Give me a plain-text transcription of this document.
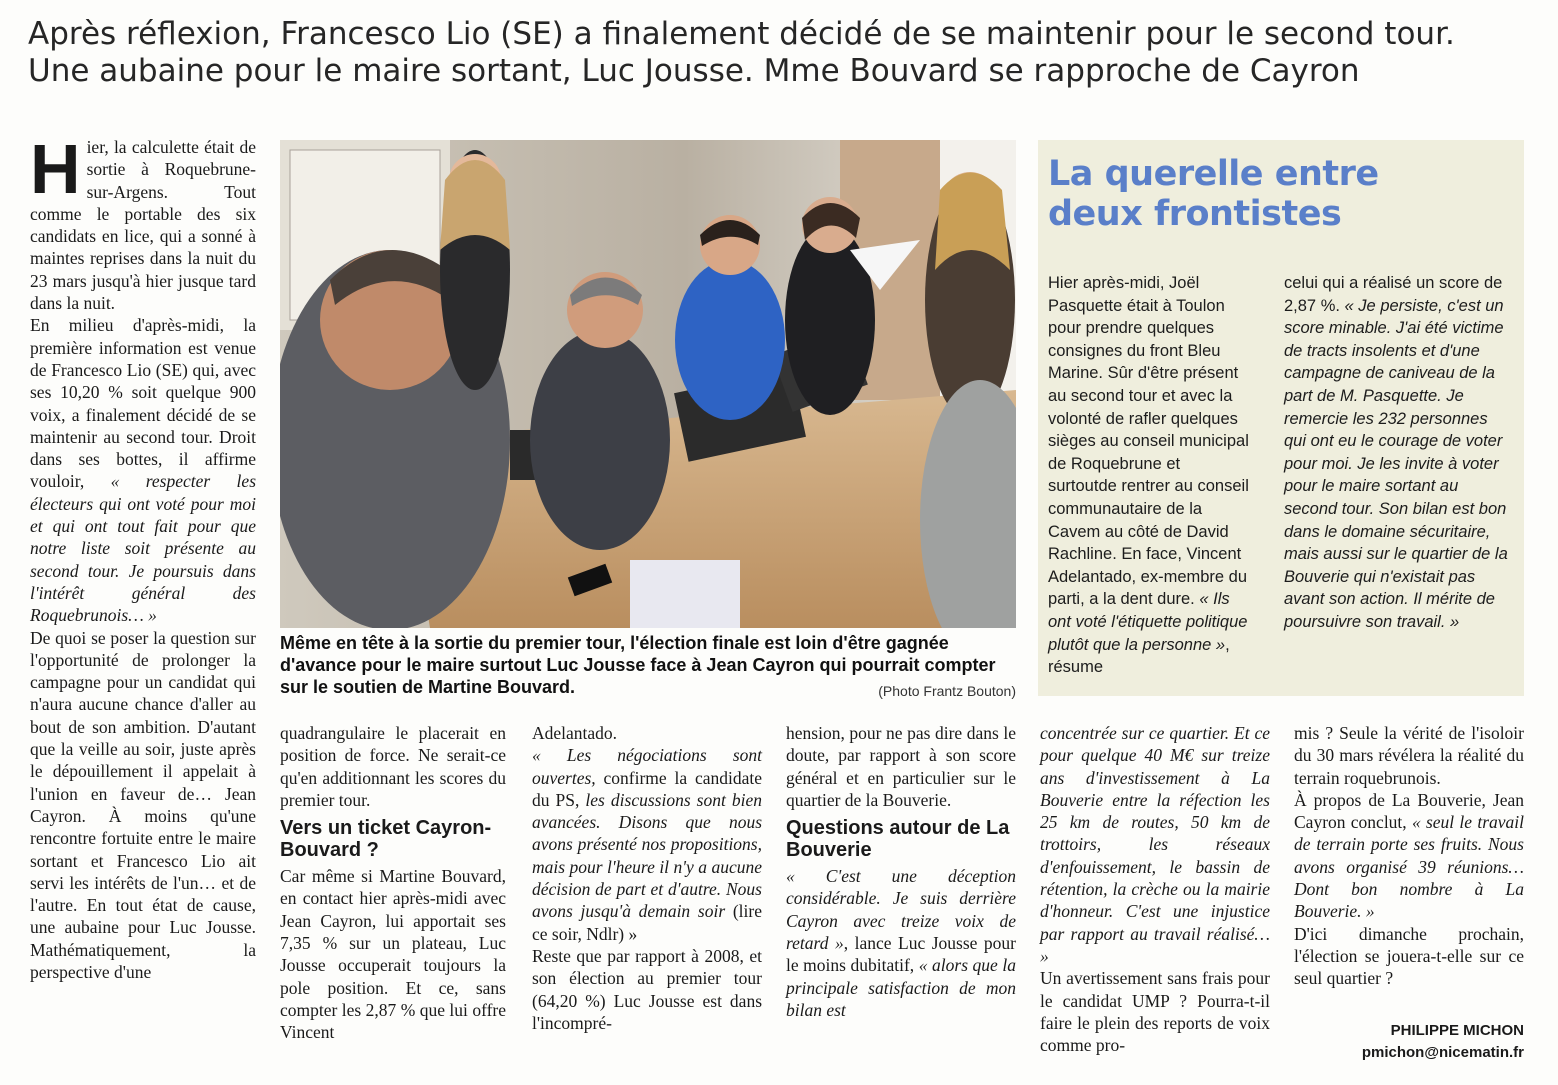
Après réflexion, Francesco Lio (SE) a finalement décidé de se maintenir pour le second tour.
Une aubaine pour le maire sortant, Luc Jousse. Mme Bouvard se rapproche de Cayron

Hier, la calculette était de sortie à Roquebrune-sur-Argens. Tout comme le portable des six candidats en lice, qui a sonné à maintes reprises dans la nuit du 23 mars jusqu'à hier jusque tard dans la nuit.

En milieu d'après-midi, la première information est venue de Francesco Lio (SE) qui, avec ses 10,20 % soit quelque 900 voix, a finalement décidé de se maintenir au second tour. Droit dans ses bottes, il affirme vouloir, « respecter les électeurs qui ont voté pour moi et qui ont tout fait pour que notre liste soit présente au second tour. Je poursuis dans l'intérêt général des Roquebrunois… »

De quoi se poser la question sur l'opportunité de prolonger la campagne pour un candidat qui n'aura aucune chance d'aller au bout de son ambition. D'autant que la veille au soir, juste après le dépouillement il appelait à l'union en faveur de… Jean Cayron. À moins qu'une rencontre fortuite entre le maire sortant et Francesco Lio ait servi les intérêts de l'un… et de l'autre. En tout état de cause, une aubaine pour Luc Jousse. Mathématiquement, la perspective d'une

Même en tête à la sortie du premier tour, l'élection finale est loin d'être gagnée d'avance pour le maire surtout Luc Jousse face à Jean Cayron qui pourrait compter sur le soutien de Martine Bouvard.	(Photo Frantz Bouton)
La querelle entre
deux frontistes

Hier après-midi, Joël Pasquette était à Toulon pour prendre quelques consignes du front Bleu Marine. Sûr d'être présent au second tour et avec la volonté de rafler quelques sièges au conseil municipal de Roquebrune et surtoutde rentrer au conseil communautaire de la Cavem au côté de David Rachline. En face, Vincent Adelantado, ex-membre du parti, a la dent dure. « Ils ont voté l'étiquette politique plutôt que la personne », résume

celui qui a réalisé un score de 2,87 %. « Je persiste, c'est un score minable. J'ai été victime de tracts insolents et d'une campagne de caniveau de la part de M. Pasquette. Je remercie les 232 personnes qui ont eu le courage de voter pour moi. Je les invite à voter pour le maire sortant au second tour. Son bilan est bon dans le domaine sécuritaire, mais aussi sur le quartier de la Bouverie qui n'existait pas avant son action. Il mérite de poursuivre son travail. »

quadrangulaire le placerait en position de force. Ne serait-ce qu'en additionnant les scores du premier tour.

Vers un ticket Cayron-Bouvard ?

Car même si Martine Bouvard, en contact hier après-midi avec Jean Cayron, lui apportait ses 7,35 % sur un plateau, Luc Jousse occuperait toujours la pole position. Et ce, sans compter les 2,87 % que lui offre Vincent

Adelantado.

« Les négociations sont ouvertes, confirme la candidate du PS, les discussions sont bien avancées. Disons que nous avons présenté nos propositions, mais pour l'heure il n'y a aucune décision de part et d'autre. Nous avons jusqu'à demain soir (lire ce soir, Ndlr) »

Reste que par rapport à 2008, et son élection au premier tour (64,20 %) Luc Jousse est dans l'incompré-

hension, pour ne pas dire dans le doute, par rapport à son score général et en particulier sur le quartier de la Bouverie.

Questions autour de La Bouverie

« C'est une déception considérable. Je suis derrière Cayron avec treize voix de retard », lance Luc Jousse pour le moins dubitatif, « alors que la principale satisfaction de mon bilan est

concentrée sur ce quartier. Et ce pour quelque 40 M€ sur treize ans d'investissement à La Bouverie entre la réfection les 25 km de routes, 50 km de trottoirs, les réseaux d'enfouissement, le bassin de rétention, la crèche ou la mairie d'honneur. C'est une injustice par rapport au travail réalisé… »

Un avertissement sans frais pour le candidat UMP ? Pourra-t-il faire le plein des reports de voix comme pro-

mis ? Seule la vérité de l'isoloir du 30 mars révélera la réalité du terrain roquebrunois.

À propos de La Bouverie, Jean Cayron conclut, « seul le travail de terrain porte ses fruits. Nous avons organisé 39 réunions… Dont bon nombre à La Bouverie. »

D'ici dimanche prochain, l'élection se jouera-t-elle sur ce seul quartier ?

PHILIPPE MICHON
pmichon@nicematin.fr
